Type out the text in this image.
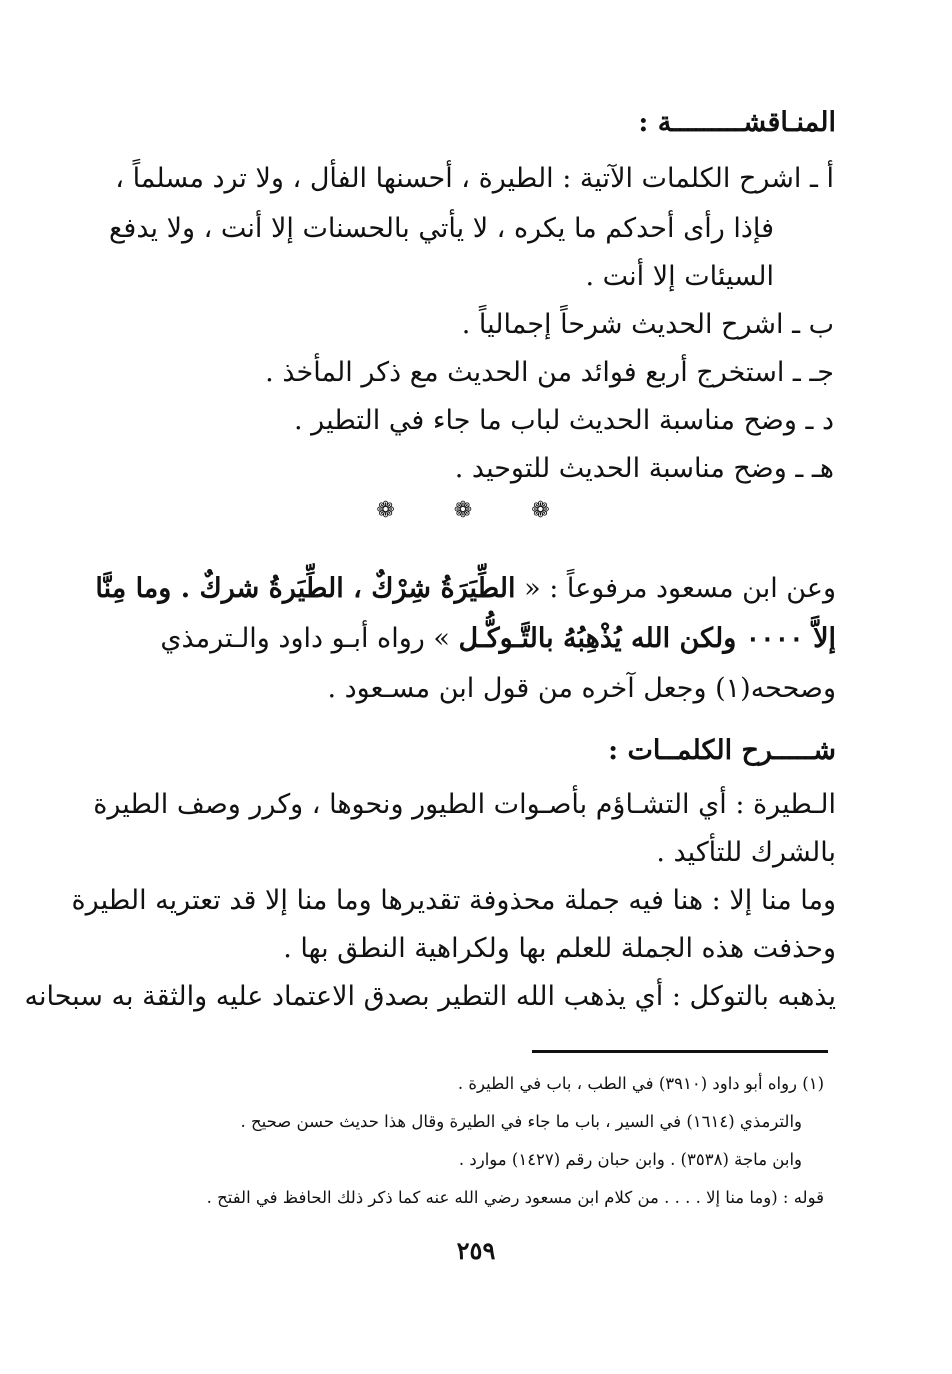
المنـاقشـــــــــة :
أ ـ اشرح الكلمات الآتية : الطيرة ، أحسنها الفأل ، ولا ترد مسلماً ،
فإذا رأى أحدكم ما يكره ، لا يأتي بالحسنات إلا أنت ، ولا يدفع
السيئات إلا أنت .
ب ـ اشرح الحديث شرحاً إجمالياً .
جـ ـ استخرج أربع فوائد من الحديث مع ذكر المأخذ .
د ـ وضح مناسبة الحديث لباب ما جاء في التطير .
هـ ـ وضح مناسبة الحديث للتوحيد .
❁ ❁ ❁
وعن ابن مسعود مرفوعاً : « الطِّيَرَةُ شِرْكٌ ، الطِّيَرةُ شركٌ . وما مِنَّا
إلاَّ ٠٠٠٠ ولكن الله يُذْهِبُهُ بالتَّـوكُّـل » رواه أبـو داود والـترمذي
وصححه(١) وجعل آخره من قول ابن مسـعود .
شـــــرح الكلمــات :
الـطيرة : أي التشـاؤم بأصـوات الطيور ونحوها ، وكرر وصف الطيرة
بالشرك للتأكيد .
وما منا إلا : هنا فيه جملة محذوفة تقديرها وما منا إلا قد تعتريه الطيرة
وحذفت هذه الجملة للعلم بها ولكراهية النطق بها .
يذهبه بالتوكل : أي يذهب الله التطير بصدق الاعتماد عليه والثقة به سبحانه
(١) رواه أبو داود (٣٩١٠) في الطب ، باب في الطيرة .
والترمذي (١٦١٤) في السير ، باب ما جاء في الطيرة وقال هذا حديث حسن صحيح .
وابن ماجة (٣٥٣٨) . وابن حبان رقم (١٤٢٧) موارد .
قوله : (وما منا إلا . . . . من كلام ابن مسعود رضي الله عنه كما ذكر ذلك الحافظ في الفتح .
٢٥٩
